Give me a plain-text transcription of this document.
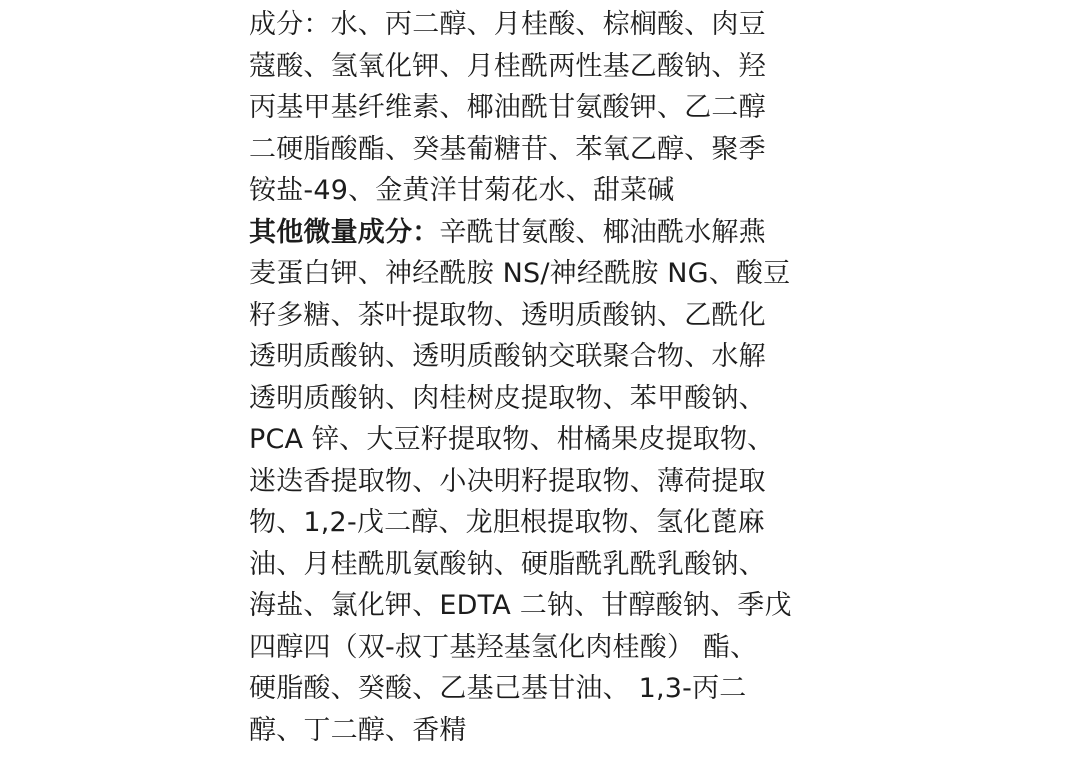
成分：水、丙二醇、月桂酸、棕榈酸、肉豆
蔻酸、氢氧化钾、月桂酰两性基乙酸钠、羟
丙基甲基纤维素、椰油酰甘氨酸钾、乙二醇
二硬脂酸酯、癸基葡糖苷、苯氧乙醇、聚季
铵盐-49、金黄洋甘菊花水、甜菜碱
其他微量成分：辛酰甘氨酸、椰油酰水解燕
麦蛋白钾、神经酰胺 NS/神经酰胺 NG、酸豆
籽多糖、茶叶提取物、透明质酸钠、乙酰化
透明质酸钠、透明质酸钠交联聚合物、水解
透明质酸钠、肉桂树皮提取物、苯甲酸钠、
PCA 锌、大豆籽提取物、柑橘果皮提取物、
迷迭香提取物、小决明籽提取物、薄荷提取
物、1,2-戊二醇、龙胆根提取物、氢化蓖麻
油、月桂酰肌氨酸钠、硬脂酰乳酰乳酸钠、
海盐、氯化钾、EDTA 二钠、甘醇酸钠、季戊
四醇四（双-叔丁基羟基氢化肉桂酸） 酯、
硬脂酸、癸酸、乙基己基甘油、 1,3-丙二
醇、丁二醇、香精
